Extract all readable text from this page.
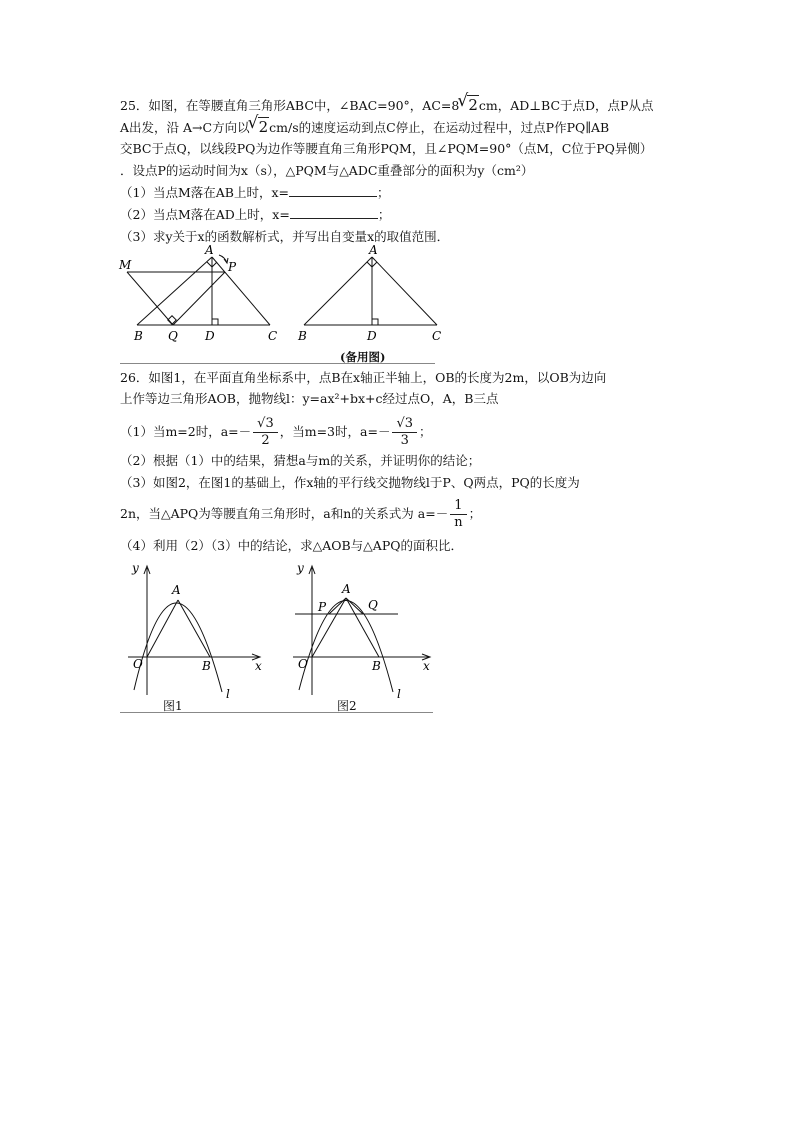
25．如图，在等腰直角三角形ABC中，∠BAC=90°，AC=8 √ 2cm，AD⊥BC于点D，点P从点
A出发，沿 A→C方向以 √ 2cm/s的速度运动到点C停止，在运动过程中，过点P作PQ∥AB
交BC于点Q，以线段PQ为边作等腰直角三角形PQM，且∠PQM=90°（点M，C位于PQ异侧）
．设点P的运动时间为x（s），△PQM与△ADC重叠部分的面积为y（cm²）
（1）当点M落在AB上时，x=	；
（2）当点M落在AD上时，x=	；
（3）求y关于x的函数解析式，并写出自变量x的取值范围．
M
A
P
B Q D	C
A
B	D	C
(备用图)
26．如图1，在平面直角坐标系中，点B在x轴正半轴上，OB的长度为2m，以OB为边向
上作等边三角形AOB，抛物线l：y=ax²+bx+c经过点O，A，B三点
（1）当m=2时，$a=- \frac{√3}{2}$ ，当m=3时，$a=- \frac{√3}{3}$ ；
（2）根据（1）中的结果，猜想a与m的关系，并证明你的结论；
（3）如图2，在图1的基础上，作x轴的平行线交抛物线l于P、Q两点，PQ的长度为
2n，当△APQ为等腰直角三角形时，a和n的关系式为 $a=- \frac{1}{n}$ ；
（4）利用（2）（3）中的结论，求△AOB与△APQ的面积比．
y
A
O	B	x
l
图1
y
A
P	Q
O	B	x
l
图2
